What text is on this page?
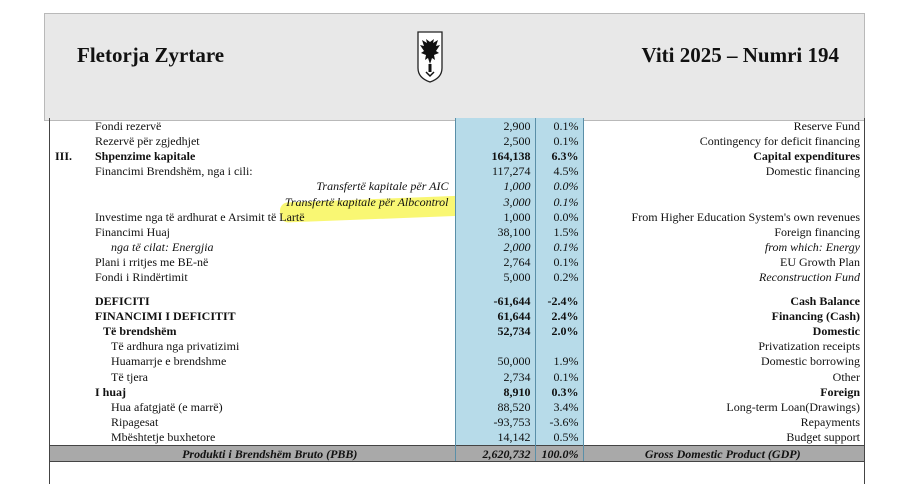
Fletorja Zyrtare	Viti 2025 – Numri 194
	Fondi rezervë	2,900	0.1%	Reserve Fund
	Rezervë për zgjedhjet	2,500	0.1%	Contingency for deficit financing
III.	Shpenzime kapitale	164,138	6.3%	Capital expenditures
	Financimi Brendshëm, nga i cili:	117,274	4.5%	Domestic financing
	Transfertë kapitale për AIC	1,000	0.0%	
	Transfertë kapitale për Albcontrol	3,000	0.1%	
	Investime nga të ardhurat e Arsimit të Lartë	1,000	0.0%	From Higher Education System's own revenues
	Financimi Huaj	38,100	1.5%	Foreign financing
	nga të cilat: Energjia	2,000	0.1%	from which: Energy
	Plani i rritjes me BE-në	2,764	0.1%	EU Growth Plan
	Fondi i Rindërtimit	5,000	0.2%	Reconstruction Fund

	DEFICITI	-61,644	-2.4%	Cash Balance
	FINANCIMI I DEFICITIT	61,644	2.4%	Financing (Cash)
	Të brendshëm	52,734	2.0%	Domestic
	Të ardhura nga privatizimi			Privatization receipts
	Huamarrje e brendshme	50,000	1.9%	Domestic borrowing
	Të tjera	2,734	0.1%	Other
	I huaj	8,910	0.3%	Foreign
	Hua afatgjatë (e marrë)	88,520	3.4%	Long-term Loan(Drawings)
	Ripagesat	-93,753	-3.6%	Repayments
	Mbështetje buxhetore	14,142	0.5%	Budget support
	Produkti i Brendshëm Bruto (PBB)	2,620,732	100.0%	Gross Domestic Product (GDP)
